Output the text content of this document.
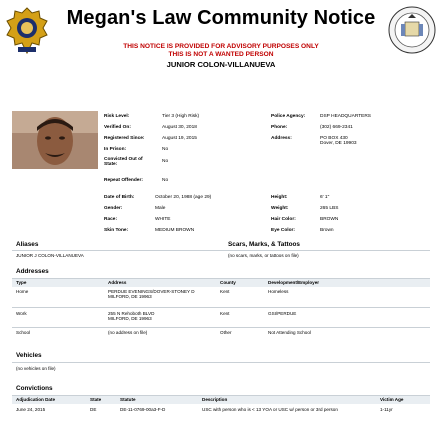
Megan's Law Community Notice
THIS NOTICE IS PROVIDED FOR ADVISORY PURPOSES ONLY
THIS IS NOT A WANTED PERSON
JUNIOR COLON-VILLANUEVA
Risk Level:	Tier 3 (High Risk)
Verified On:	August 30, 2018
Registered Since:	August 19, 2015
In Prison:	No
Convicted Out of State:
No
Repeat Offender:	No
Police Agency:	DSP HEADQUARTERS
Phone:	(302) 669-2341
Address:	PO BOX 430
Dover, DE 19903
Date of Birth:	October 20, 1988 (age 29)
Gender:	Male
Race:	WHITE
Skin Tone:	MEDIUM BROWN
Height:	6' 1"
Weight:	265 LBS
Hair Color:	BROWN
Eye Color:	Brown
Aliases	Scars, Marks, & Tattoos
JUNIOR J COLON-VILLANUEVA	(no scars, marks, or tattoos on file)
Addresses
Type	Address	County	Development/Employer
Home	PERDUE EVENINGS/DOVER-STONEY D
MILFORD, DE 19963
Kent	Homeless
Work	255 N Rehoboth BLVD
MILFORD, DE 19963
Kent	GSI/PERDUE
School	(no address on file)	Other	Not Attending School
Vehicles
(no vehicles on file)
Convictions
Adjudication Date	State	Statute	Description	Victim Age
June 24, 2015	DE	DE-11-0769-00a3-F-D	USC with person who is < 13 YOA or USC w/ person or 3rd person	1-11yr
